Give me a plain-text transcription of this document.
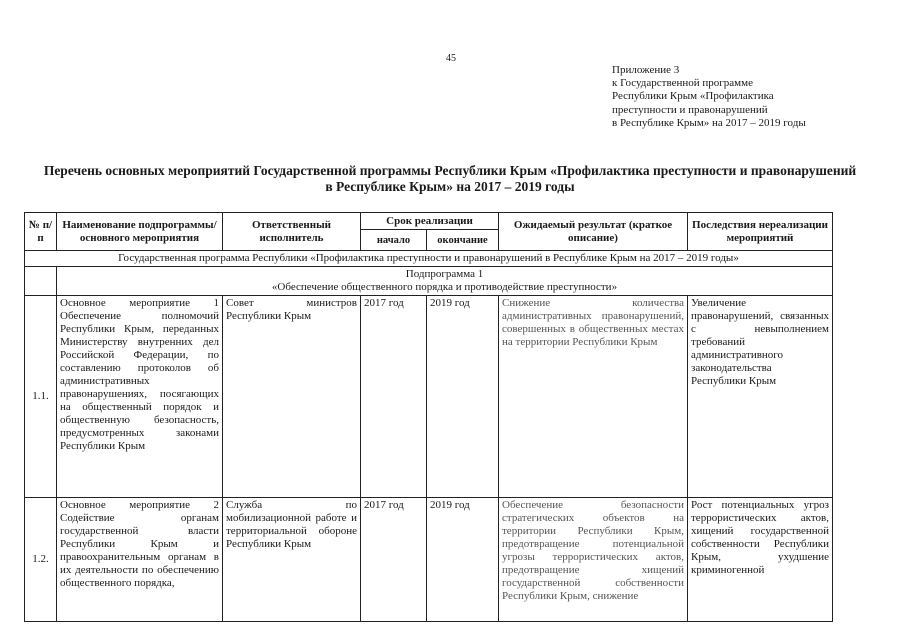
45
Приложение 3
к Государственной программе
Республики Крым «Профилактика
преступности и правонарушений
в Республике Крым» на 2017 – 2019 годы
Перечень основных мероприятий Государственной программы Республики Крым «Профилактика преступности и правонарушений в Республике Крым» на 2017 – 2019 годы
№ п/п	Наименование подпрограммы/ основного мероприятия	Ответственный исполнитель	Срок реализации		Ожидаемый результат (краткое описание)	Последствия нереализации мероприятий
			начало	окончание		
Государственная программа Республики «Профилактика преступности и правонарушений в Республике Крым на 2017 – 2019 годы»						

	Подпрограмма 1
«Обеспечение общественного порядка и противодействие преступности»					

1.1.	Основное мероприятие 1 Обеспечение полномочий Республики Крым, переданных Министерству внутренних дел Российской Федерации, по составлению протоколов об административных правонарушениях, посягающих на общественный порядок и общественную безопасность, предусмотренных законами Республики Крым	Совет министров Республики Крым	2017 год	2019 год	Снижение количества административных правонарушений, совершенных в общественных местах на территории Республики Крым	Увеличение правонарушений, связанных с невыполнением требований административного законодательства Республики Крым
1.2.	Основное мероприятие 2 Содействие органам государственной власти Республики Крым и правоохранительным органам в их деятельности по обеспечению общественного порядка,	Служба по мобилизационной работе и территориальной обороне Республики Крым	2017 год	2019 год	Обеспечение безопасности стратегических объектов на территории Республики Крым, предотвращение потенциальной угрозы террористических актов, предотвращение хищений государственной собственности Республики Крым, снижение	Рост потенциальных угроз террористических актов, хищений государственной собственности Республики Крым, ухудшение криминогенной
